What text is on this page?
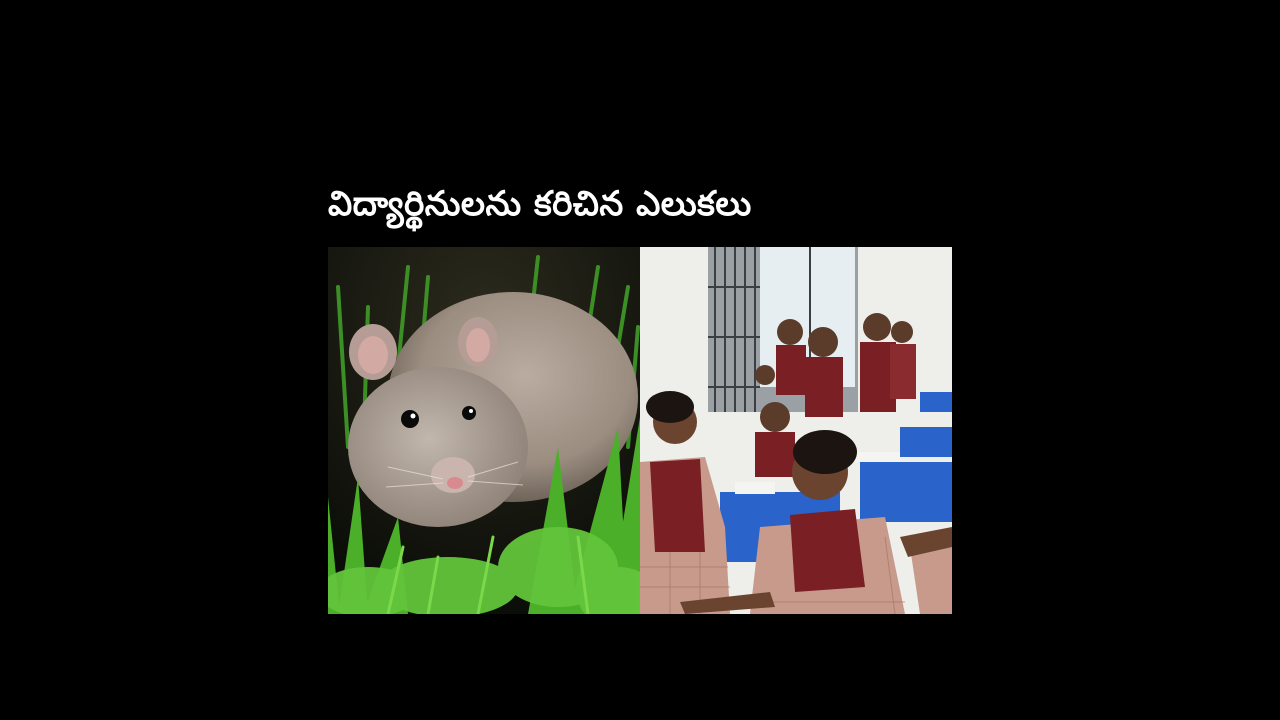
విద్యార్థినులను కరిచిన ఎలుకలు
